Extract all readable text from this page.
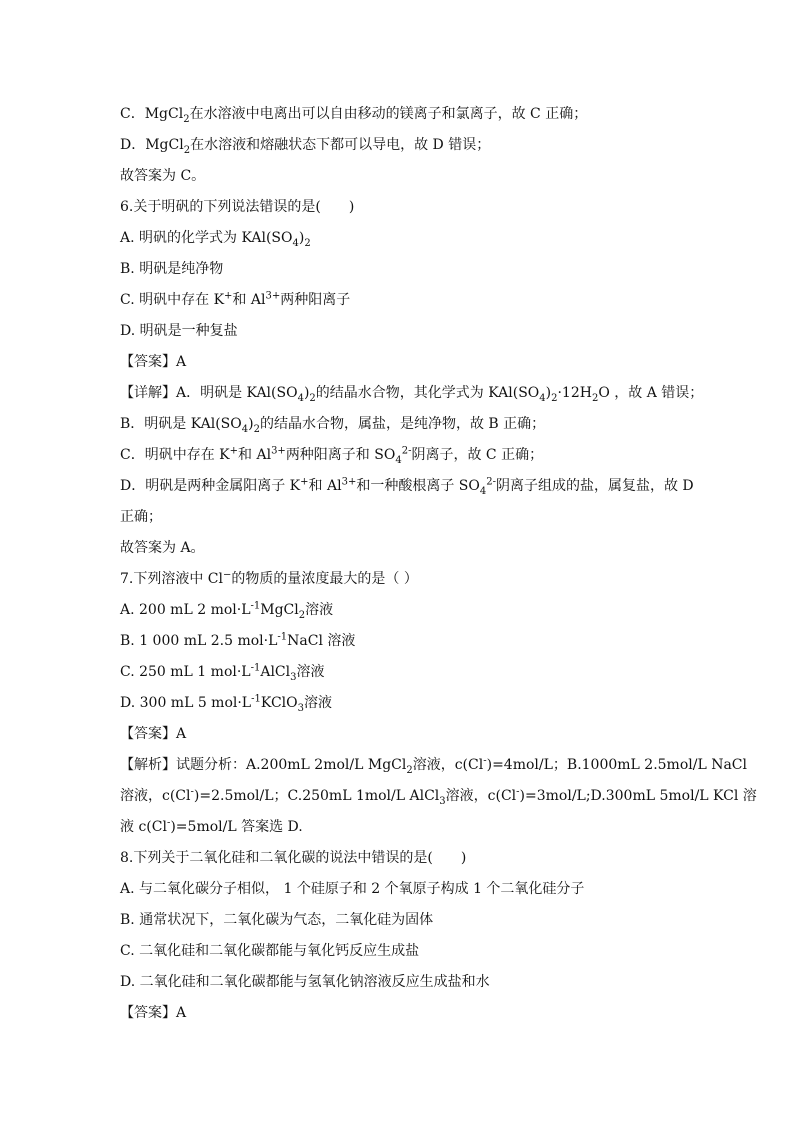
C．MgCl$_2$在水溶液中电离出可以自由移动的镁离子和氯离子，故 C 正确；
D．MgCl$_2$在水溶液和熔融状态下都可以导电，故 D 错误；
故答案为 C。
6.关于明矾的下列说法错误的是(　　)
A. 明矾的化学式为 $KAl(SO_4)_2$
B. 明矾是纯净物
C. 明矾中存在 K+和 $Al^{3+}$两种阳离子
D. 明矾是一种复盐
【答案】A
【详解】A．明矾是 $KAl(SO_4)_2$的结晶水合物，其化学式为 $KAl(SO_4)_2\cdot 12H_2O$ ，故 A 错误；
B．明矾是 $KAl(SO_4)_2$的结晶水合物，属盐，是纯净物，故 B 正确；
C．明矾中存在 K+和 $Al^{3+}$两种阳离子和 $SO_4^{2-}$阴离子，故 C 正确；
D．明矾是两种金属阳离子 K+和 $Al^{3+}$和一种酸根离子 $SO_4^{2-}$阴离子组成的盐，属复盐，故 D
正确；
故答案为 A。
7.下列溶液中 Cl−的物质的量浓度最大的是（ ）
A. 200 mL 2 $mol\cdot L^{-1}MgCl_2$溶液
B. 1 000 mL 2.5 $mol\cdot L^{-1}NaCl$ 溶液
C. 250 mL 1 $mol\cdot L^{-1}AlCl_3$溶液
D. 300 mL 5 $mol\cdot L^{-1}KClO_3$溶液
【答案】A
【解析】试题分析：A.200mL 2mol/L MgCl$_2$溶液，c(Cl-)=4mol/L；B.1000mL 2.5mol/L NaCl
溶液，c(Cl-)=2.5mol/L；C.250mL 1mol/L AlCl$_3$溶液，c(Cl-)=3mol/L;D.300mL 5mol/L KCl 溶
液 c(Cl-)=5mol/L 答案选 D.
8.下列关于二氧化硅和二氧化碳的说法中错误的是(　　)
A. 与二氧化碳分子相似， 1 个硅原子和 2 个氧原子构成 1 个二氧化硅分子
B. 通常状况下，二氧化碳为气态，二氧化硅为固体
C. 二氧化硅和二氧化碳都能与氧化钙反应生成盐
D. 二氧化硅和二氧化碳都能与氢氧化钠溶液反应生成盐和水
【答案】A
